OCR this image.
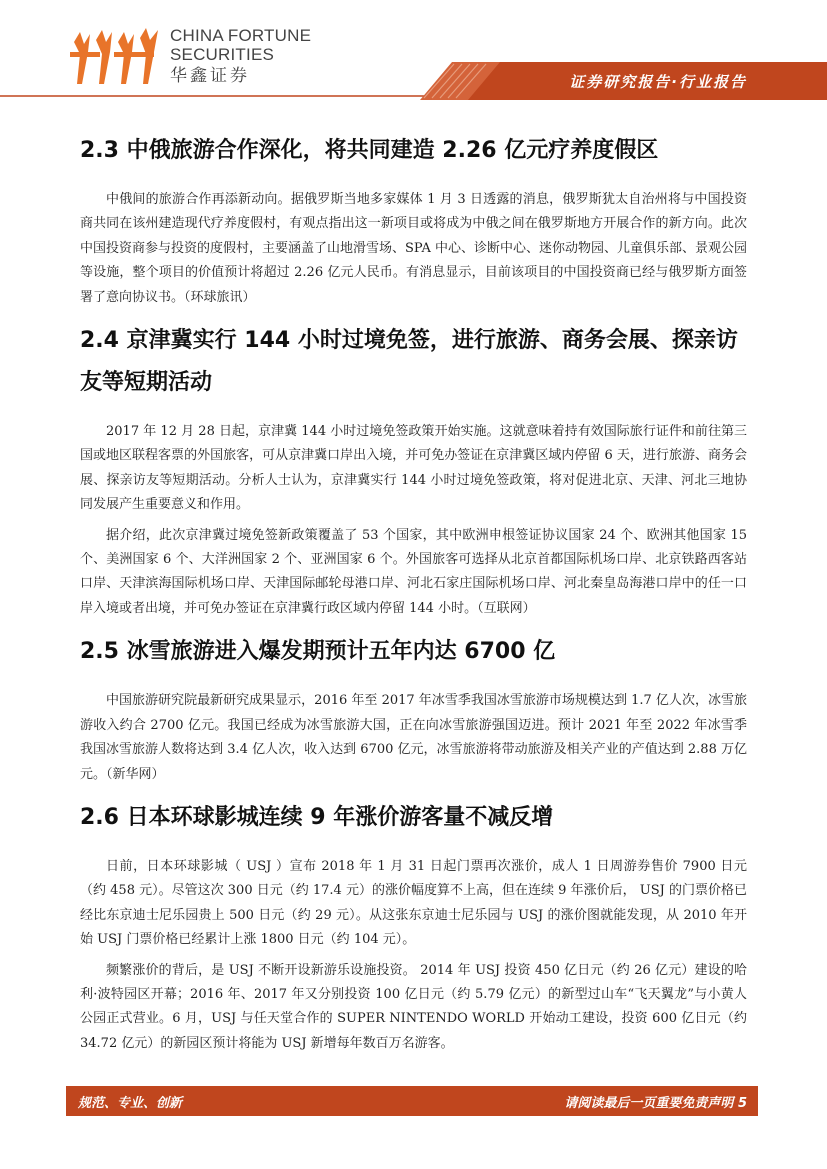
CHINA FORTUNE
SECURITIES
华鑫证券	证券研究报告·行业报告
2.3 中俄旅游合作深化，将共同建造 2.26 亿元疗养度假区

中俄间的旅游合作再添新动向。据俄罗斯当地多家媒体 1 月 3 日透露的消息，俄罗斯犹太自治州将与中国投资商共同在该州建造现代疗养度假村，有观点指出这一新项目或将成为中俄之间在俄罗斯地方开展合作的新方向。此次中国投资商参与投资的度假村，主要涵盖了山地滑雪场、SPA 中心、诊断中心、迷你动物园、儿童俱乐部、景观公园等设施，整个项目的价值预计将超过 2.26 亿元人民币。有消息显示，目前该项目的中国投资商已经与俄罗斯方面签署了意向协议书。（环球旅讯）

2.4 京津冀实行 144 小时过境免签，进行旅游、商务会展、探亲访友等短期活动

2017 年 12 月 28 日起，京津冀 144 小时过境免签政策开始实施。这就意味着持有效国际旅行证件和前往第三国或地区联程客票的外国旅客，可从京津冀口岸出入境，并可免办签证在京津冀区域内停留 6 天，进行旅游、商务会展、探亲访友等短期活动。分析人士认为，京津冀实行 144 小时过境免签政策，将对促进北京、天津、河北三地协同发展产生重要意义和作用。

据介绍，此次京津冀过境免签新政策覆盖了 53 个国家，其中欧洲申根签证协议国家 24 个、欧洲其他国家 15 个、美洲国家 6 个、大洋洲国家 2 个、亚洲国家 6 个。外国旅客可选择从北京首都国际机场口岸、北京铁路西客站口岸、天津滨海国际机场口岸、天津国际邮轮母港口岸、河北石家庄国际机场口岸、河北秦皇岛海港口岸中的任一口岸入境或者出境，并可免办签证在京津冀行政区域内停留 144 小时。（互联网）

2.5 冰雪旅游进入爆发期预计五年内达 6700 亿

中国旅游研究院最新研究成果显示，2016 年至 2017 年冰雪季我国冰雪旅游市场规模达到 1.7 亿人次，冰雪旅游收入约合 2700 亿元。我国已经成为冰雪旅游大国，正在向冰雪旅游强国迈进。预计 2021 年至 2022 年冰雪季我国冰雪旅游人数将达到 3.4 亿人次，收入达到 6700 亿元，冰雪旅游将带动旅游及相关产业的产值达到 2.88 万亿元。（新华网）

2.6 日本环球影城连续 9 年涨价游客量不减反增

日前，日本环球影城（ USJ ）宣布 2018 年 1 月 31 日起门票再次涨价，成人 1 日周游券售价 7900 日元（约 458 元）。尽管这次 300 日元（约 17.4 元）的涨价幅度算不上高，但在连续 9 年涨价后， USJ 的门票价格已经比东京迪士尼乐园贵上 500 日元（约 29 元）。从这张东京迪士尼乐园与 USJ 的涨价图就能发现，从 2010 年开始 USJ 门票价格已经累计上涨 1800 日元（约 104 元）。

频繁涨价的背后，是 USJ 不断开设新游乐设施投资。 2014 年 USJ 投资 450 亿日元（约 26 亿元）建设的哈利·波特园区开幕；2016 年、2017 年又分别投资 100 亿日元（约 5.79 亿元）的新型过山车“飞天翼龙”与小黄人公园正式营业。6 月，USJ 与任天堂合作的 SUPER NINTENDO WORLD 开始动工建设，投资 600 亿日元（约 34.72 亿元）的新园区预计将能为 USJ 新增每年数百万名游客。

规范、专业、创新	请阅读最后一页重要免责声明 5
